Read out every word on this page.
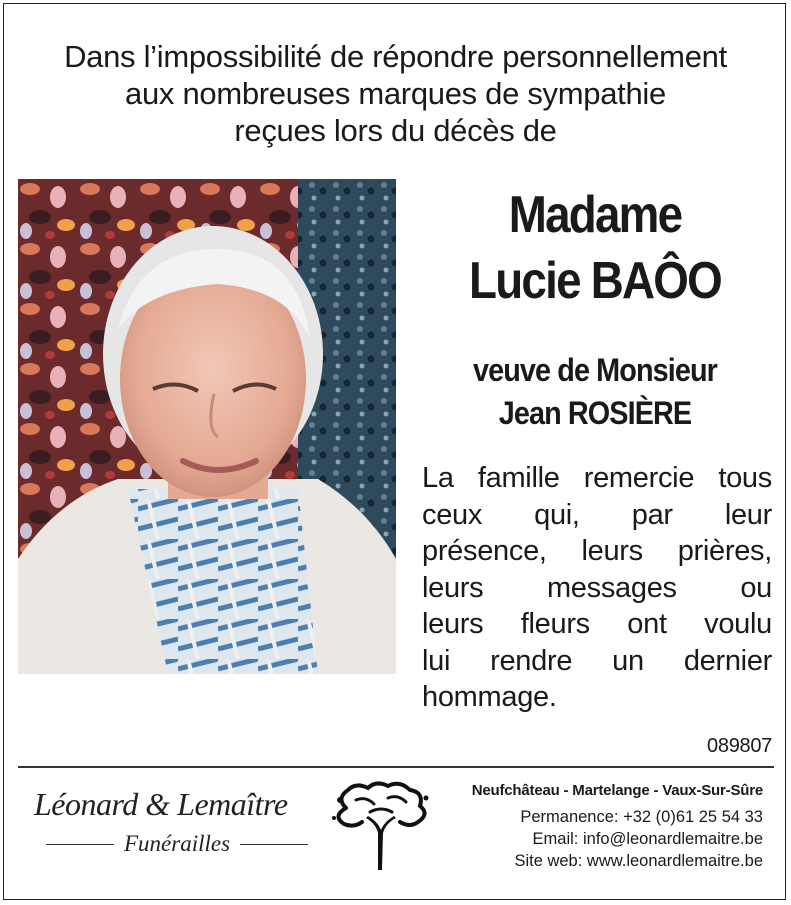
Dans l’impossibilité de répondre personnellement
aux nombreuses marques de sympathie
reçues lors du décès de
Madame
Lucie BAÔO
veuve de Monsieur
Jean ROSIÈRE
La famille remercie tous
ceux qui, par leur
présence, leurs prières,
leurs messages ou
leurs fleurs ont voulu
lui rendre un dernier
hommage.
089807
Léonard & Lemaître
Funérailles
Neufchâteau - Martelange - Vaux-Sur-Sûre
Permanence: +32 (0)61 25 54 33
Email: info@leonardlemaitre.be
Site web: www.leonardlemaitre.be
